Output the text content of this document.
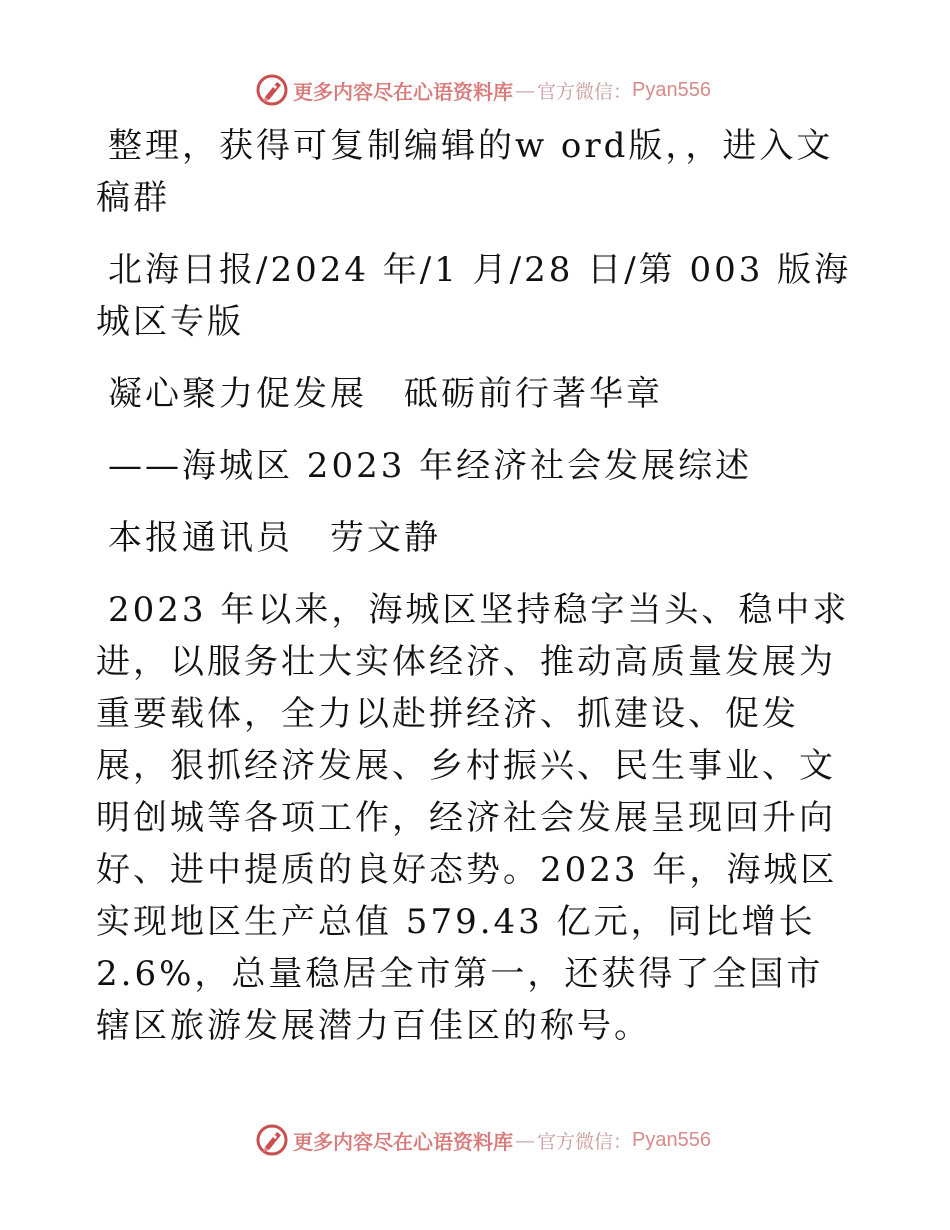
更多内容尽在心语资料库 — 官方微信： Pyan556

整理，获得可复制编辑的w ord版，，进入文稿群

北海日报/2024 年/1 月/28 日/第 003 版海城区专版

凝心聚力促发展　砥砺前行著华章

——海城区 2023 年经济社会发展综述

本报通讯员　劳文静

2023 年以来，海城区坚持稳字当头、稳中求进，以服务壮大实体经济、推动高质量发展为重要载体，全力以赴拼经济、抓建设、促发展，狠抓经济发展、乡村振兴、民生事业、文明创城等各项工作，经济社会发展呈现回升向好、进中提质的良好态势。2023 年，海城区实现地区生产总值 579.43 亿元，同比增长 2.6%，总量稳居全市第一，还获得了全国市辖区旅游发展潜力百佳区的称号。

更多内容尽在心语资料库 — 官方微信： Pyan556
